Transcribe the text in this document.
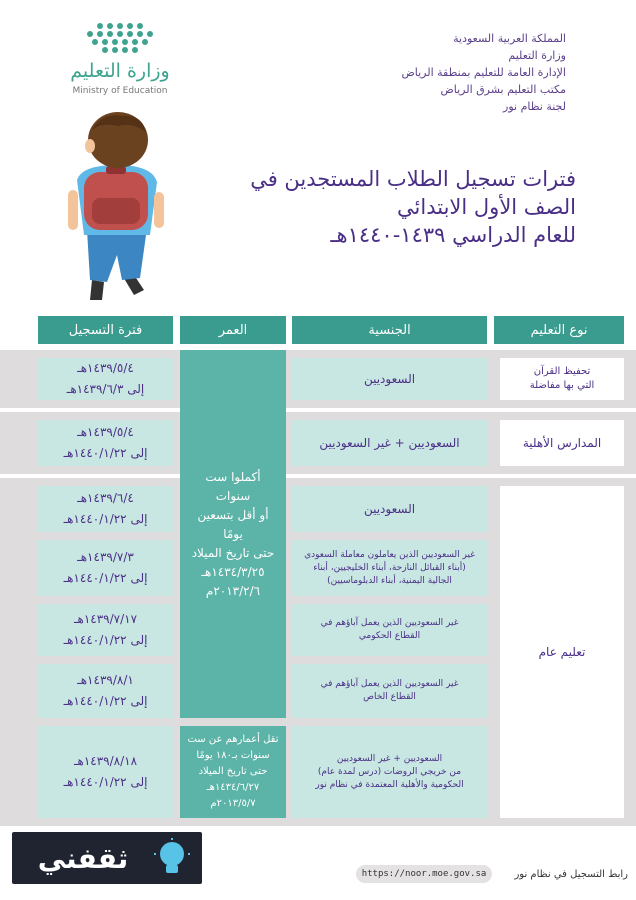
وزارة التعليم
Ministry of Education
المملكة العربية السعودية
وزارة التعليم
الإدارة العامة للتعليم بمنطقة الرياض
مكتب التعليم بشرق الرياض
لجنة نظام نور
فترات تسجيل الطلاب المستجدين في
الصف الأول الابتدائي
للعام الدراسي ١٤٣٩-١٤٤٠هـ
نوع التعليم
الجنسية
العمر
فترة التسجيل
تحفيظ القرآن
التي بها مفاضلة
المدارس الأهلية
تعليم عام
السعوديين
السعوديين + غير السعوديين
السعوديين
غير السعوديين الذين يعاملون معاملة السعودي
(أبناء القبائل النازحة، أبناء الخليجيين، أبناء
الجالية اليمنية، أبناء الدبلوماسيين)
غير السعوديين الذين يعمل آباؤهم في
القطاع الحكومي
غير السعوديين الذين يعمل آباؤهم في
القطاع الخاص
السعوديين + غير السعوديين
من خريجي الروضات (درس لمدة عام)
الحكومية والأهلية المعتمدة في نظام نور
أكملوا ست
سنوات
أو أقل بتسعين
يومًا
حتى تاريخ الميلاد
١٤٣٤/٣/٢٥هـ
٢٠١٣/٢/٦م
تقل أعمارهم عن ست
سنوات بـ١٨٠ يومًا
حتى تاريخ الميلاد
١٤٣٤/٦/٢٧هـ
٢٠١٣/٥/٧م
١٤٣٩/٥/٤هـ
إلى ١٤٣٩/٦/٣هـ
١٤٣٩/٥/٤هـ
إلى ١٤٤٠/١/٢٢هـ
١٤٣٩/٦/٤هـ
إلى ١٤٤٠/١/٢٢هـ
١٤٣٩/٧/٣هـ
إلى ١٤٤٠/١/٢٢هـ
١٤٣٩/٧/١٧هـ
إلى ١٤٤٠/١/٢٢هـ
١٤٣٩/٨/١هـ
إلى ١٤٤٠/١/٢٢هـ
١٤٣٩/٨/١٨هـ
إلى ١٤٤٠/١/٢٢هـ
ثقفني	https://noor.moe.gov.sa	رابط التسجيل في نظام نور
